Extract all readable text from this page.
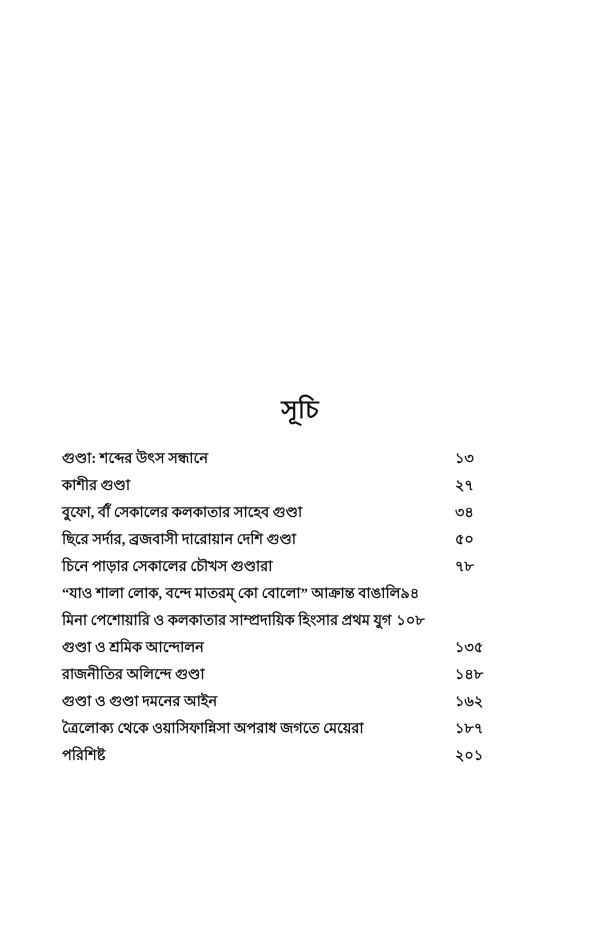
সূচি
গুণ্ডা: শব্দের উৎস সন্ধানে	১৩
কাশীর গুণ্ডা	২৭
বুফো, র্বাঁ সেকালের কলকাতার সাহেব গুণ্ডা	৩৪
ছিরে সর্দার, ব্রজবাসী দারোয়ান দেশি গুণ্ডা	৫০
চিনে পাড়ার সেকালের চৌখস গুণ্ডারা	৭৮
“যাও শালা লোক, বন্দে মাতরম্ কো বোলো” আক্রান্ত বাঙালি৯৪
মিনা পেশোয়ারি ও কলকাতার সাম্প্রদায়িক হিংসার প্রথম যুগ ১০৮
গুণ্ডা ও শ্রমিক আন্দোলন	১৩৫
রাজনীতির অলিন্দে গুণ্ডা	১৪৮
গুণ্ডা ও গুণ্ডা দমনের আইন	১৬২
ত্রৈলোক্য থেকে ওয়াসিফান্নিসা অপরাধ জগতে মেয়েরা	১৮৭
পরিশিষ্ট	২০১
